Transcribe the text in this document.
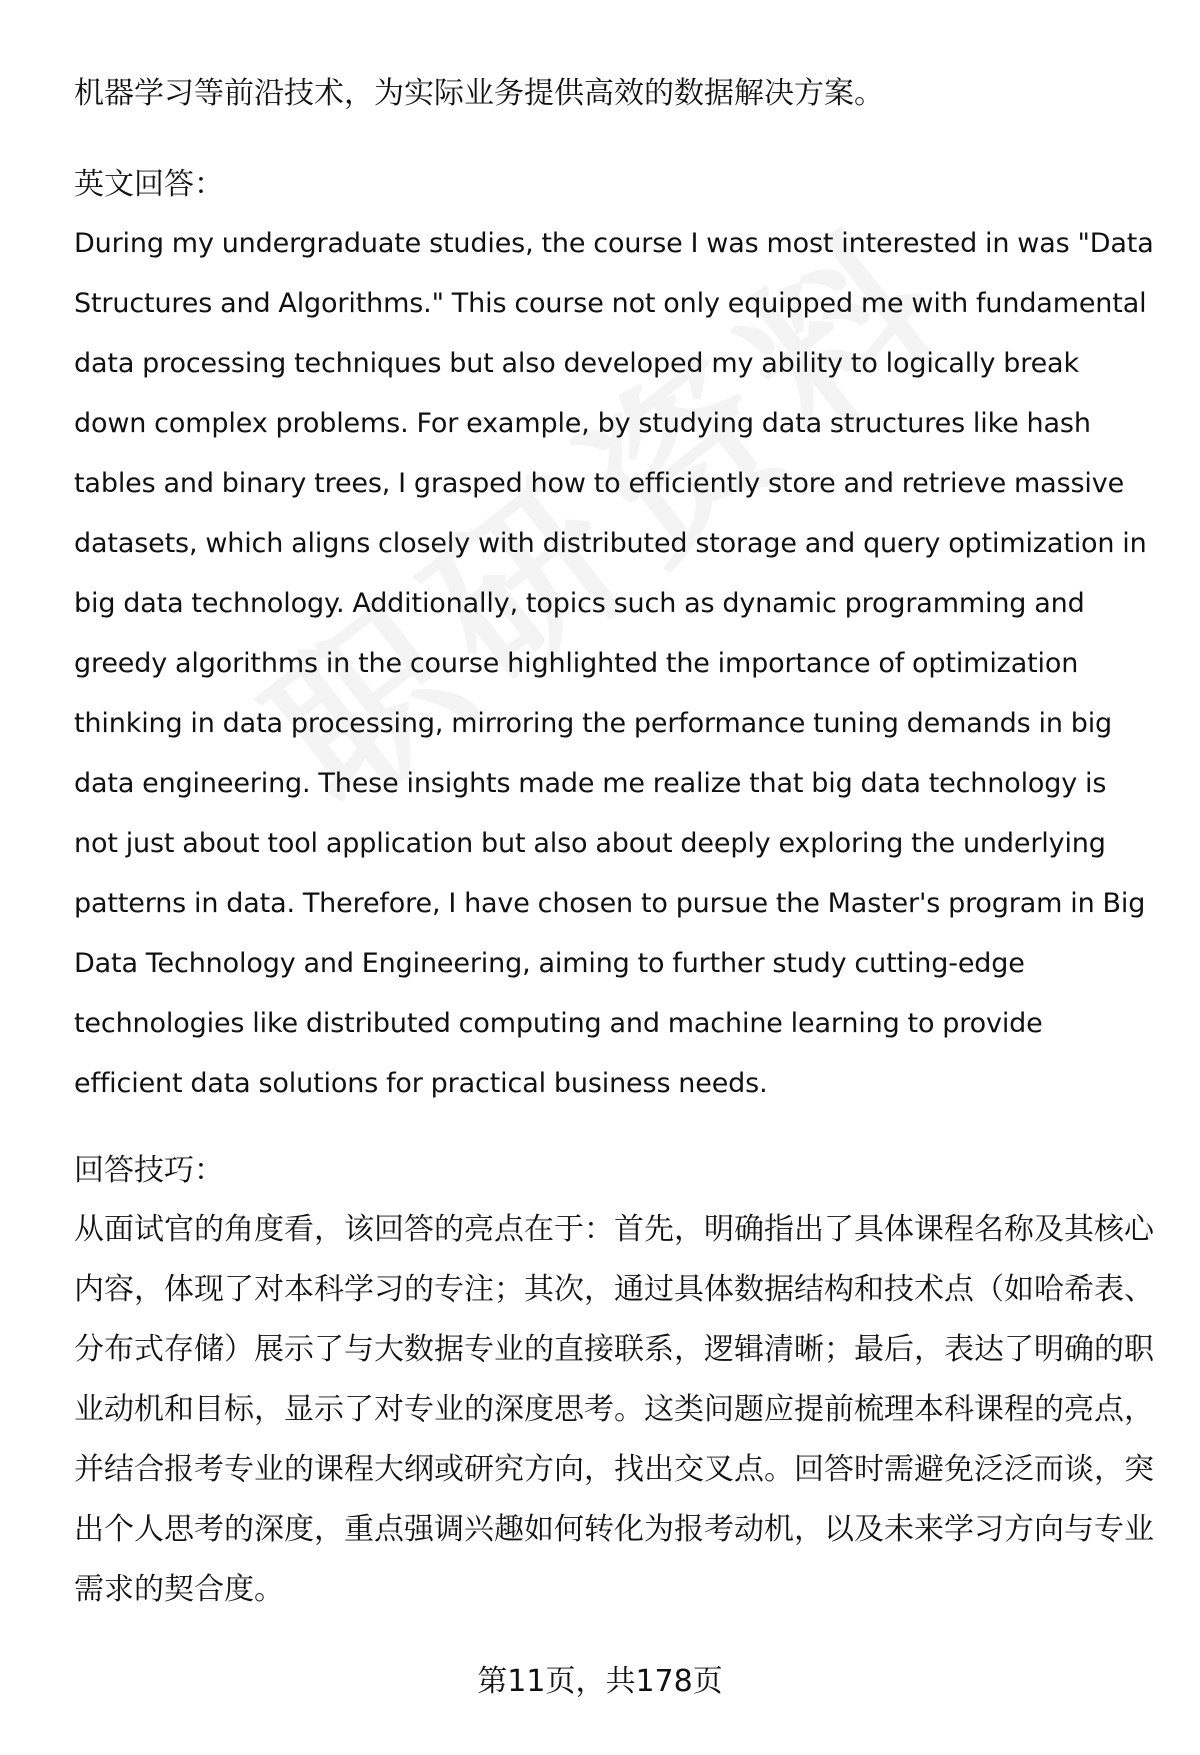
机器学习等前沿技术，为实际业务提供高效的数据解决方案。

英文回答：

During my undergraduate studies, the course I was most interested in was "Data Structures and Algorithms." This course not only equipped me with fundamental data processing techniques but also developed my ability to logically break down complex problems. For example, by studying data structures like hash tables and binary trees, I grasped how to efficiently store and retrieve massive datasets, which aligns closely with distributed storage and query optimization in big data technology. Additionally, topics such as dynamic programming and greedy algorithms in the course highlighted the importance of optimization thinking in data processing, mirroring the performance tuning demands in big data engineering. These insights made me realize that big data technology is not just about tool application but also about deeply exploring the underlying patterns in data. Therefore, I have chosen to pursue the Master's program in Big Data Technology and Engineering, aiming to further study cutting-edge technologies like distributed computing and machine learning to provide efficient data solutions for practical business needs.

回答技巧：

从面试官的角度看，该回答的亮点在于：首先，明确指出了具体课程名称及其核心内容，体现了对本科学习的专注；其次，通过具体数据结构和技术点（如哈希表、分布式存储）展示了与大数据专业的直接联系，逻辑清晰；最后，表达了明确的职业动机和目标，显示了对专业的深度思考。这类问题应提前梳理本科课程的亮点，并结合报考专业的课程大纲或研究方向，找出交叉点。回答时需避免泛泛而谈，突出个人思考的深度，重点强调兴趣如何转化为报考动机，以及未来学习方向与专业需求的契合度。

第11页，共178页
